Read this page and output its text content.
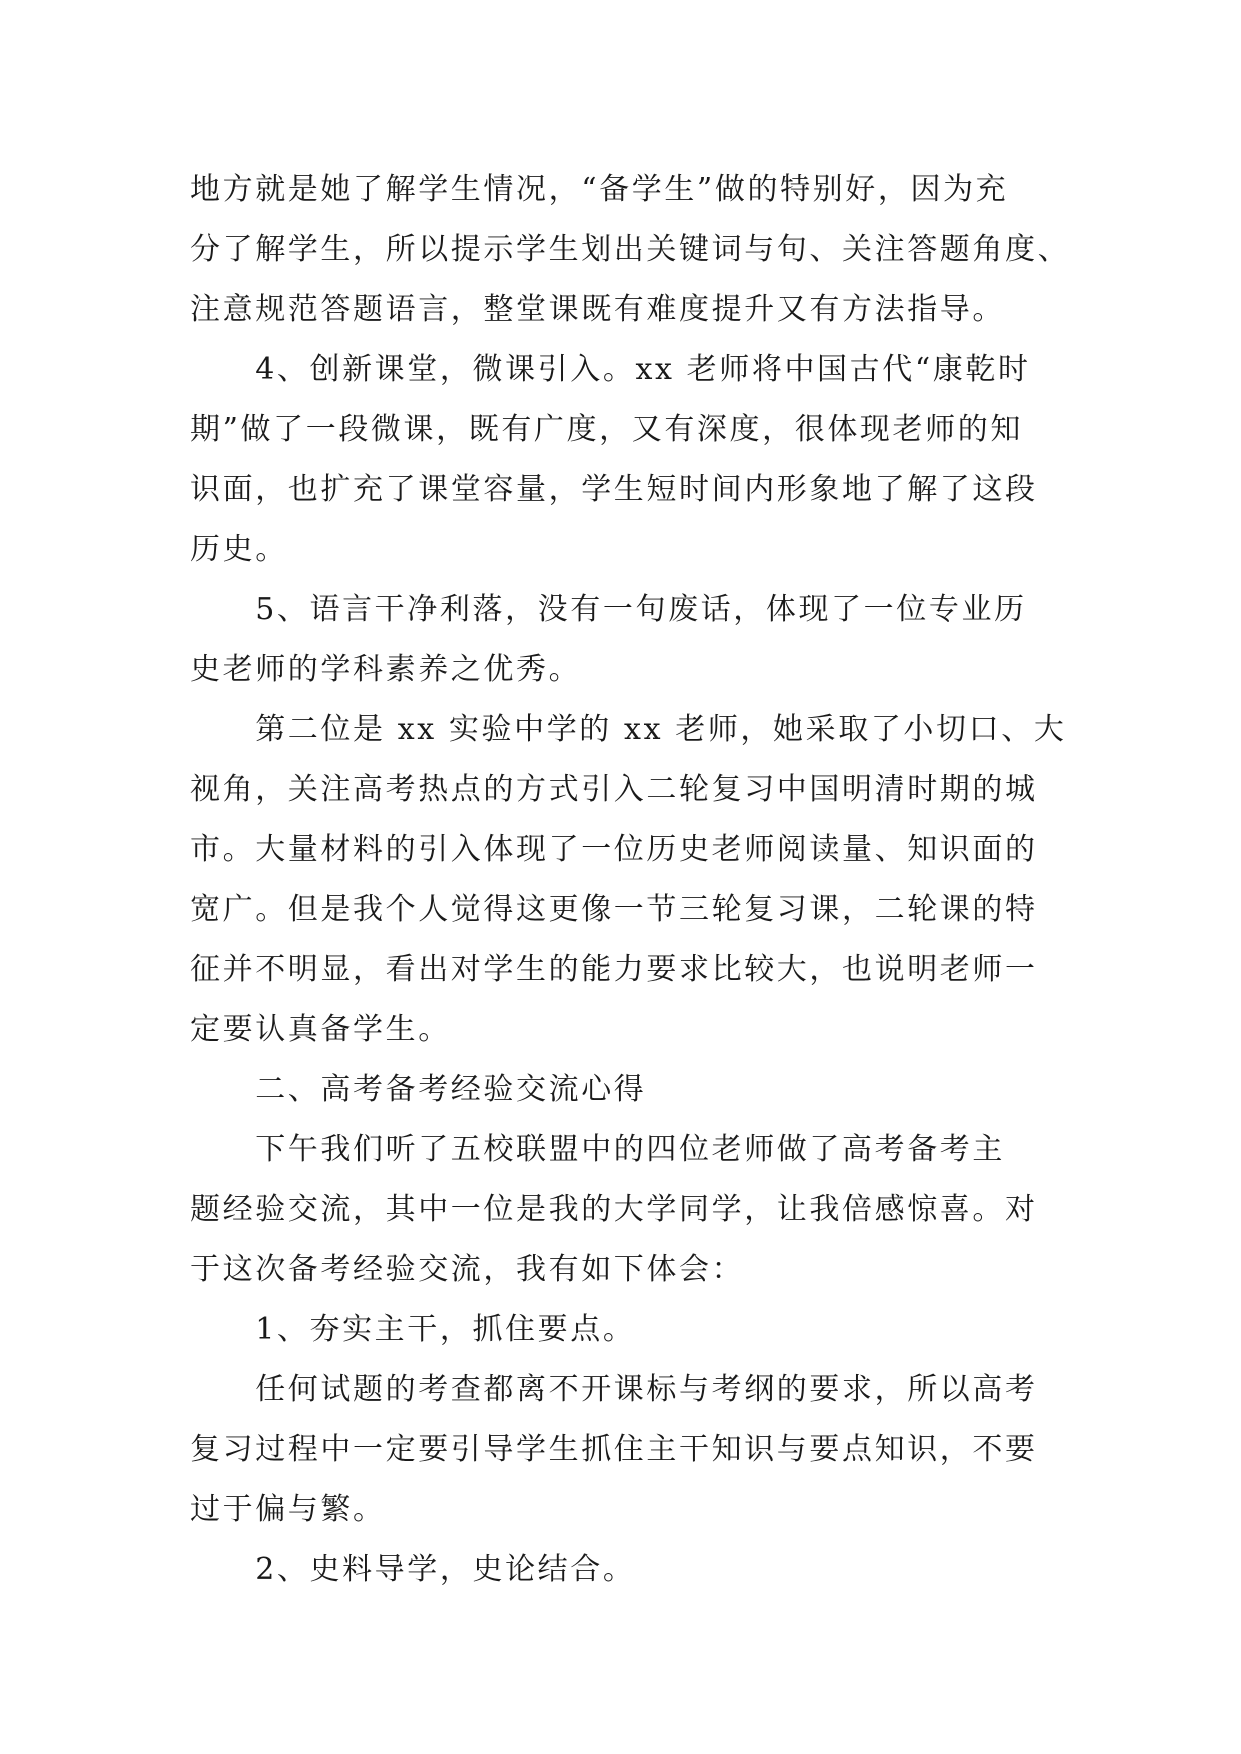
地方就是她了解学生情况，“备学生”做的特别好，因为充
分了解学生，所以提示学生划出关键词与句、关注答题角度、
注意规范答题语言，整堂课既有难度提升又有方法指导。
　　4、创新课堂，微课引入。xx 老师将中国古代“康乾时
期”做了一段微课，既有广度，又有深度，很体现老师的知
识面，也扩充了课堂容量，学生短时间内形象地了解了这段
历史。
　　5、语言干净利落，没有一句废话，体现了一位专业历
史老师的学科素养之优秀。
　　第二位是 xx 实验中学的 xx 老师，她采取了小切口、大
视角，关注高考热点的方式引入二轮复习中国明清时期的城
市。大量材料的引入体现了一位历史老师阅读量、知识面的
宽广。但是我个人觉得这更像一节三轮复习课，二轮课的特
征并不明显，看出对学生的能力要求比较大，也说明老师一
定要认真备学生。
　　二、高考备考经验交流心得
　　下午我们听了五校联盟中的四位老师做了高考备考主
题经验交流，其中一位是我的大学同学，让我倍感惊喜。对
于这次备考经验交流，我有如下体会：
　　1、夯实主干，抓住要点。
　　任何试题的考查都离不开课标与考纲的要求，所以高考
复习过程中一定要引导学生抓住主干知识与要点知识，不要
过于偏与繁。
　　2、史料导学，史论结合。
